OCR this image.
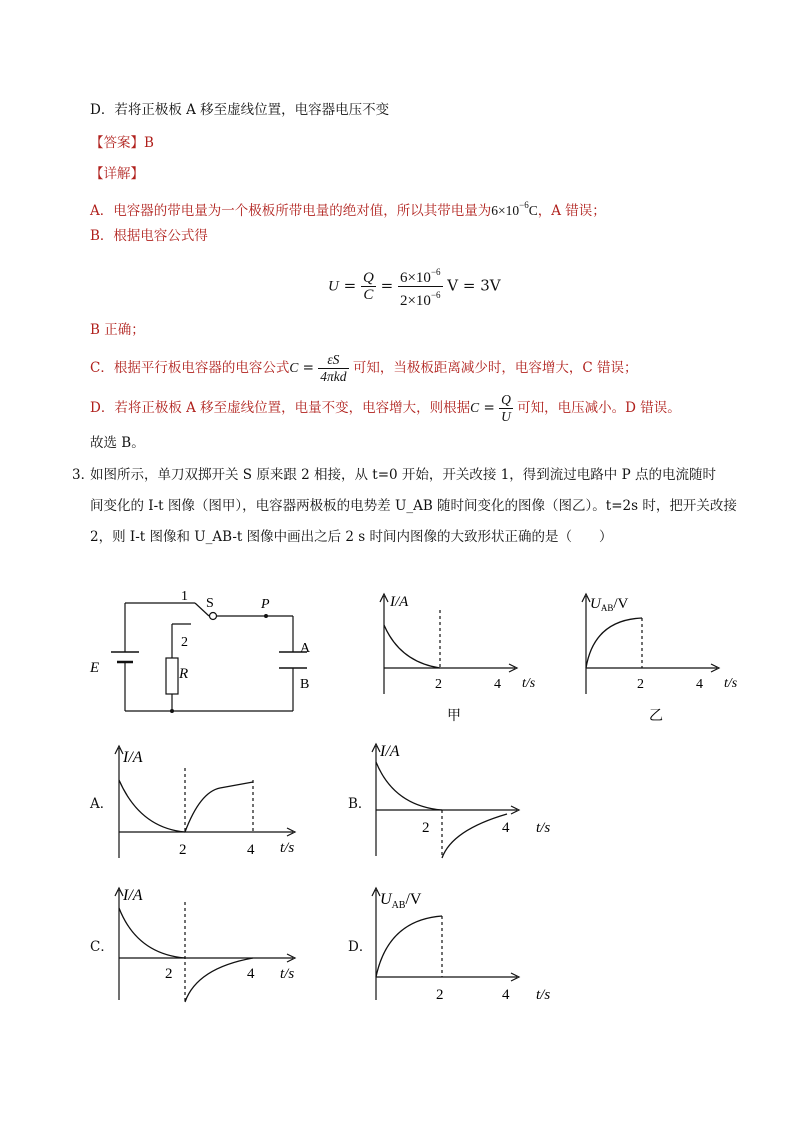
D．若将正极板 A 移至虚线位置，电容器电压不变
【答案】B
【详解】
A．电容器的带电量为一个极板所带电量的绝对值，所以其带电量为$6\times 10^{-6}C$，A 错误；
B．根据电容公式得
$U = \frac{Q}{C} = \frac{6\times 10^{-6}}{2\times 10^{-6}}$ V = 3V
B 正确；
C．根据平行板电容器的电容公式$C = \frac{\varepsilon S}{\text{4πkd}}$ 可知，当极板距离减少时，电容增大，C 错误；
D．若将正极板 A 移至虚线位置，电量不变，电容增大，则根据$C = \frac{Q}{U}$ 可知，电压减小。D 错误。
故选 B。
3．
如图所示，单刀双掷开关 S 原来跟 2 相接，从 t=0 开始，开关改接 1，得到流过电路中 P 点的电流随时
间变化的 I-t 图像（图甲），电容器两极板的电势差 U_AB 随时间变化的图像（图乙）。t=2s 时，把开关改接
2，则 I-t 图像和 U_AB-t 图像中画出之后 2 s 时间内图像的大致形状正确的是（　　）
1 S	P
2
E	R
A
B
I/A
2	4 t/s
甲
$U_{AB}/V$
2	4 t/s
乙
A．
I/A
2	4 t/s
B．
I/A
2	4 t/s
C．
I/A
2	4 t/s
D．
$U_{AB}/V$
2	4 t/s
